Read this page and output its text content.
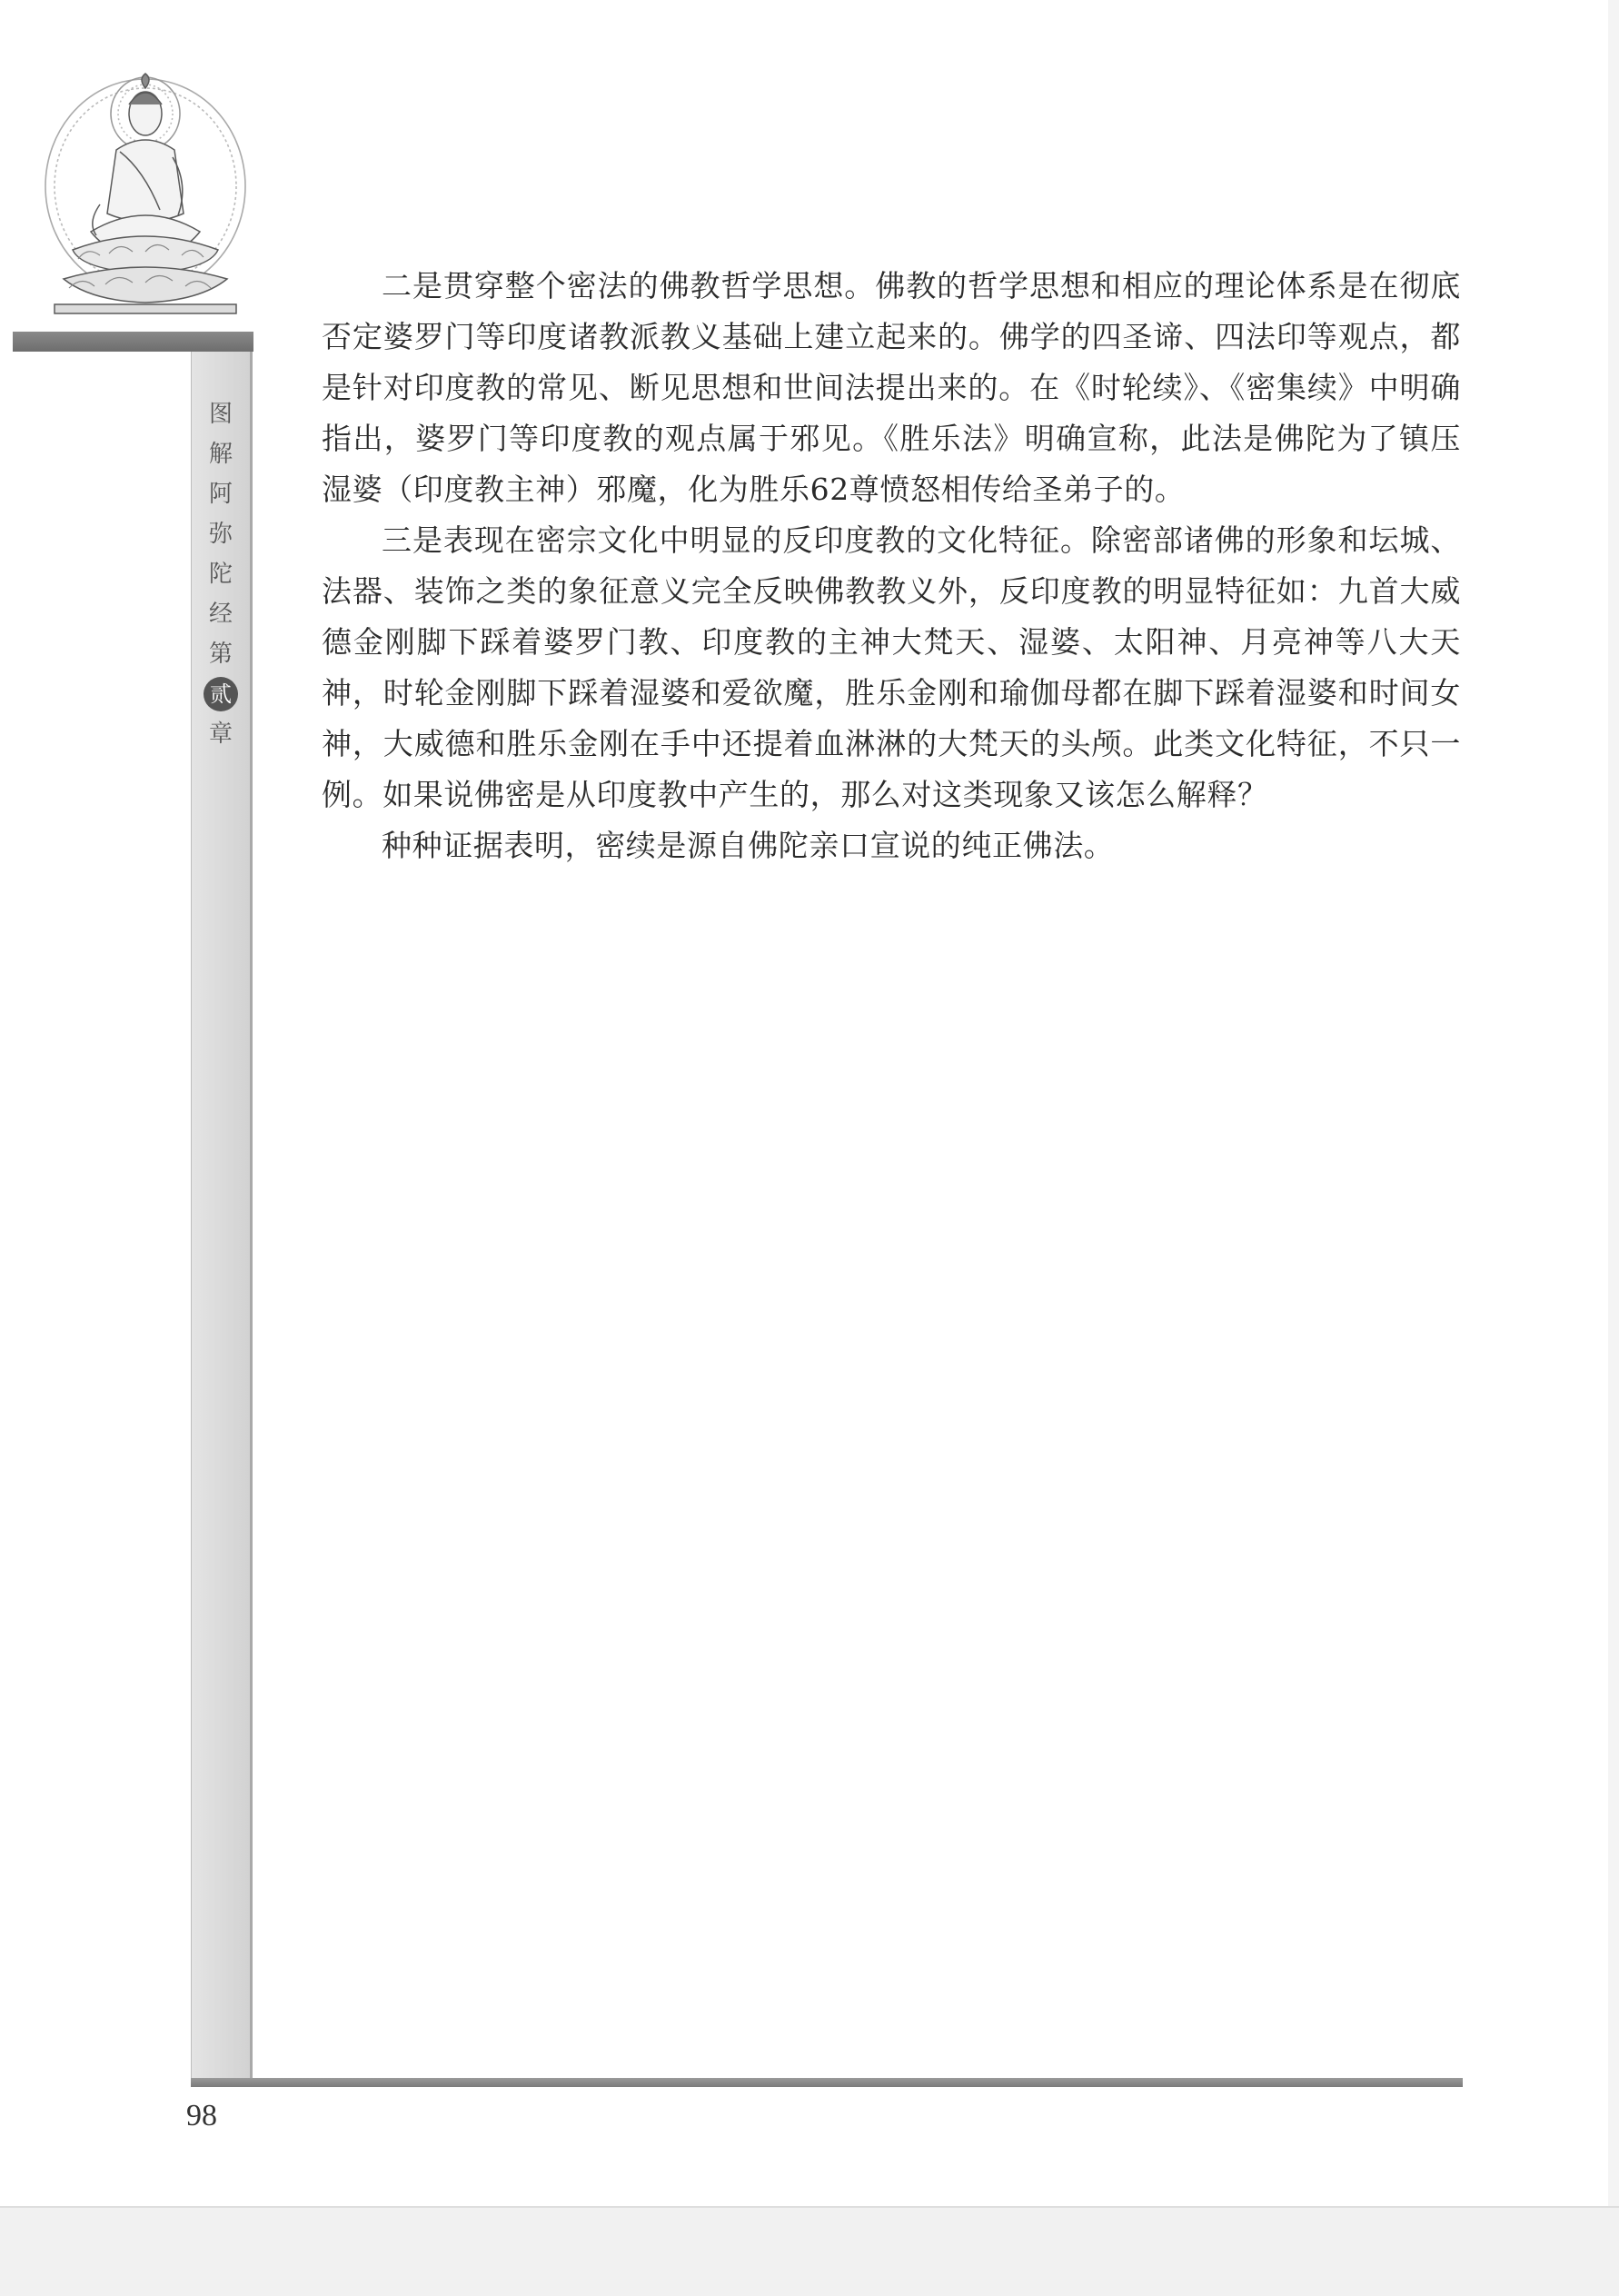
图
解
阿
弥
陀
经
第
贰
章

二是贯穿整个密法的佛教哲学思想。佛教的哲学思想和相应的理论体系是在彻底否定婆罗门等印度诸教派教义基础上建立起来的。佛学的四圣谛、四法印等观点，都是针对印度教的常见、断见思想和世间法提出来的。在《时轮续》、《密集续》中明确指出，婆罗门等印度教的观点属于邪见。《胜乐法》明确宣称，此法是佛陀为了镇压湿婆（印度教主神）邪魔，化为胜乐62尊愤怒相传给圣弟子的。

三是表现在密宗文化中明显的反印度教的文化特征。除密部诸佛的形象和坛城、法器、装饰之类的象征意义完全反映佛教教义外，反印度教的明显特征如：九首大威德金刚脚下踩着婆罗门教、印度教的主神大梵天、湿婆、太阳神、月亮神等八大天神，时轮金刚脚下踩着湿婆和爱欲魔，胜乐金刚和瑜伽母都在脚下踩着湿婆和时间女神，大威德和胜乐金刚在手中还提着血淋淋的大梵天的头颅。此类文化特征，不只一例。如果说佛密是从印度教中产生的，那么对这类现象又该怎么解释？

种种证据表明，密续是源自佛陀亲口宣说的纯正佛法。

98
